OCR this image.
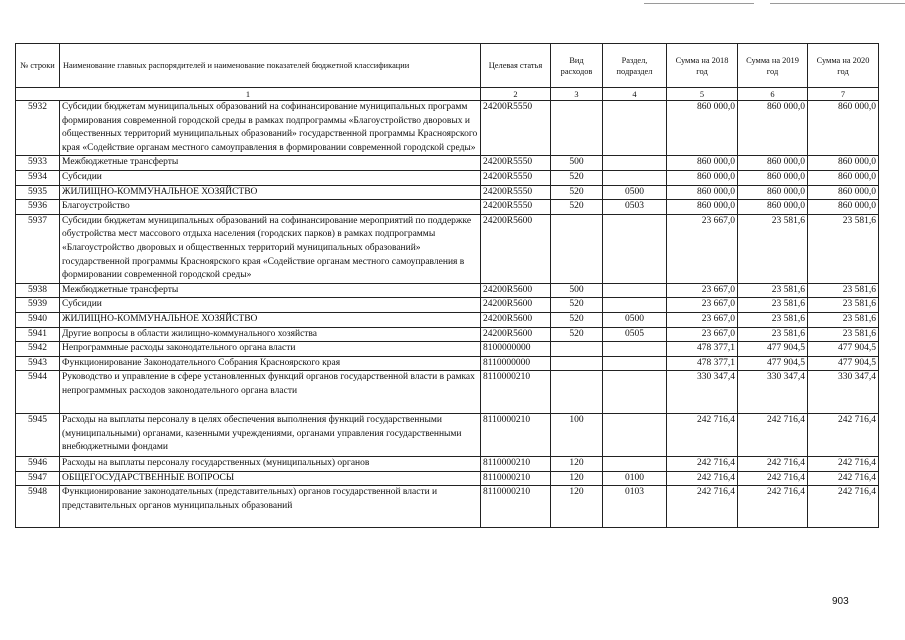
№ строки	Наименование главных распорядителей и наименование показателей бюджетной классификации	Целевая статья	Вид расходов	Раздел, подраздел	Сумма на 2018 год	Сумма на 2019 год	Сумма на 2020 год
1		2	3	4	5	6	7
5932	Субсидии бюджетам муниципальных образований на софинансирование муниципальных программ формирования современной городской среды в рамках подпрограммы «Благоустройство дворовых и общественных территорий муниципальных образований» государственной программы Красноярского края «Содействие органам местного самоуправления в формировании современной городской среды»	24200R5550			860 000,0	860 000,0	860 000,0
5933	Межбюджетные трансферты	24200R5550	500		860 000,0	860 000,0	860 000,0
5934	Субсидии	24200R5550	520		860 000,0	860 000,0	860 000,0
5935	ЖИЛИЩНО-КОММУНАЛЬНОЕ ХОЗЯЙСТВО	24200R5550	520	0500	860 000,0	860 000,0	860 000,0
5936	Благоустройство	24200R5550	520	0503	860 000,0	860 000,0	860 000,0
5937	Субсидии бюджетам муниципальных образований на софинансирование мероприятий по поддержке обустройства мест массового отдыха населения (городских парков) в рамках подпрограммы «Благоустройство дворовых и общественных территорий муниципальных образований» государственной программы Красноярского края «Содействие органам местного самоуправления в формировании современной городской среды»	24200R5600			23 667,0	23 581,6	23 581,6
5938	Межбюджетные трансферты	24200R5600	500		23 667,0	23 581,6	23 581,6
5939	Субсидии	24200R5600	520		23 667,0	23 581,6	23 581,6
5940	ЖИЛИЩНО-КОММУНАЛЬНОЕ ХОЗЯЙСТВО	24200R5600	520	0500	23 667,0	23 581,6	23 581,6
5941	Другие вопросы в области жилищно-коммунального хозяйства	24200R5600	520	0505	23 667,0	23 581,6	23 581,6
5942	Непрограммные расходы законодательного органа власти	8100000000			478 377,1	477 904,5	477 904,5
5943	Функционирование Законодательного Собрания Красноярского края	8110000000			478 377,1	477 904,5	477 904,5
5944	Руководство и управление в сфере установленных функций органов государственной власти в рамках непрограммных расходов законодательного органа власти	8110000210			330 347,4	330 347,4	330 347,4
5945	Расходы на выплаты персоналу в целях обеспечения выполнения функций государственными (муниципальными) органами, казенными учреждениями, органами управления государственными внебюджетными фондами	8110000210	100		242 716,4	242 716,4	242 716,4
5946	Расходы на выплаты персоналу государственных (муниципальных) органов	8110000210	120		242 716,4	242 716,4	242 716,4
5947	ОБЩЕГОСУДАРСТВЕННЫЕ ВОПРОСЫ	8110000210	120	0100	242 716,4	242 716,4	242 716,4
5948	Функционирование законодательных (представительных) органов государственной власти и представительных органов муниципальных образований	8110000210	120	0103	242 716,4	242 716,4	242 716,4
903
